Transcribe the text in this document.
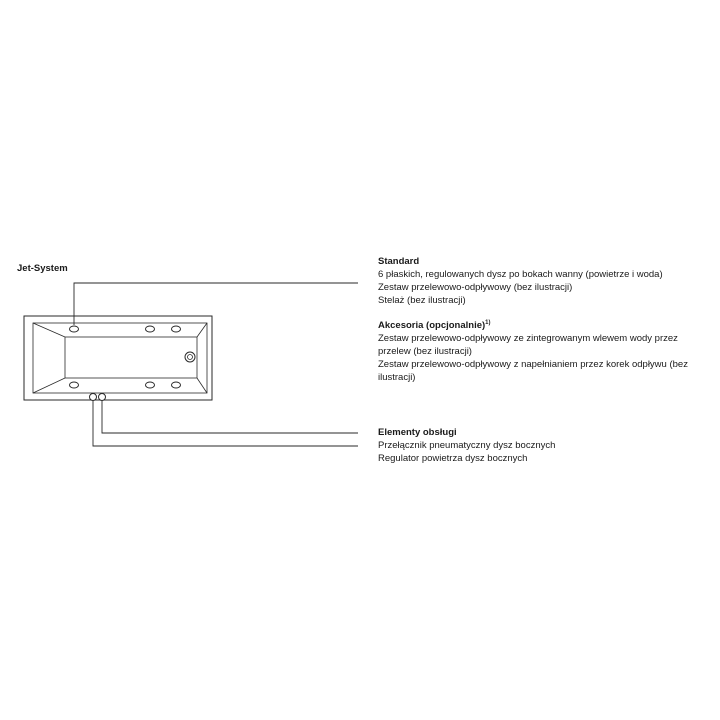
Jet-System
Standard
6 płaskich, regulowanych dysz po bokach wanny (powietrze i woda)
Zestaw przelewowo-odpływowy (bez ilustracji)
Stelaż (bez ilustracji)
Akcesoria (opcjonalnie)$^{1)}$
Zestaw przelewowo-odpływowy ze zintegrowanym wlewem wody przez przelew (bez ilustracji)
Zestaw przelewowo-odpływowy z napełnianiem przez korek odpływu (bez ilustracji)
Elementy obsługi
Przełącznik pneumatyczny dysz bocznych
Regulator powietrza dysz bocznych
